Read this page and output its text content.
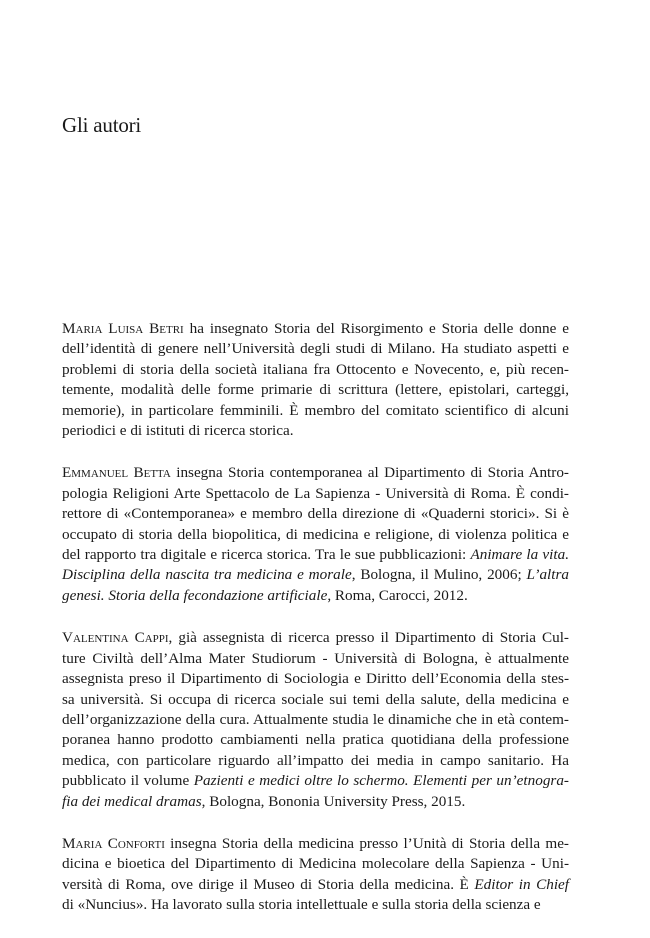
Gli autori

Maria Luisa Betri ha insegnato Storia del Risorgimento e Storia delle donne e
dell’identità di genere nell’Università degli studi di Milano. Ha studiato aspetti e
problemi di storia della società italiana fra Ottocento e Novecento, e, più recen-
temente, modalità delle forme primarie di scrittura (lettere, epistolari, carteggi,
memorie), in particolare femminili. È membro del comitato scientifico di alcuni
periodici e di istituti di ricerca storica.

Emmanuel Betta insegna Storia contemporanea al Dipartimento di Storia Antro-
pologia Religioni Arte Spettacolo de La Sapienza - Università di Roma. È condi-
rettore di «Contemporanea» e membro della direzione di «Quaderni storici». Si è
occupato di storia della biopolitica, di medicina e religione, di violenza politica e
del rapporto tra digitale e ricerca storica. Tra le sue pubblicazioni: Animare la vita.
Disciplina della nascita tra medicina e morale, Bologna, il Mulino, 2006; L’altra
genesi. Storia della fecondazione artificiale, Roma, Carocci, 2012.

Valentina Cappi, già assegnista di ricerca presso il Dipartimento di Storia Cul-
ture Civiltà dell’Alma Mater Studiorum - Università di Bologna, è attualmente
assegnista preso il Dipartimento di Sociologia e Diritto dell’Economia della stes-
sa università. Si occupa di ricerca sociale sui temi della salute, della medicina e
dell’organizzazione della cura. Attualmente studia le dinamiche che in età contem-
poranea hanno prodotto cambiamenti nella pratica quotidiana della professione
medica, con particolare riguardo all’impatto dei media in campo sanitario. Ha
pubblicato il volume Pazienti e medici oltre lo schermo. Elementi per un’etnogra-
fia dei medical dramas, Bologna, Bononia University Press, 2015.

Maria Conforti insegna Storia della medicina presso l’Unità di Storia della me-
dicina e bioetica del Dipartimento di Medicina molecolare della Sapienza - Uni-
versità di Roma, ove dirige il Museo di Storia della medicina. È Editor in Chief
di «Nuncius». Ha lavorato sulla storia intellettuale e sulla storia della scienza e
